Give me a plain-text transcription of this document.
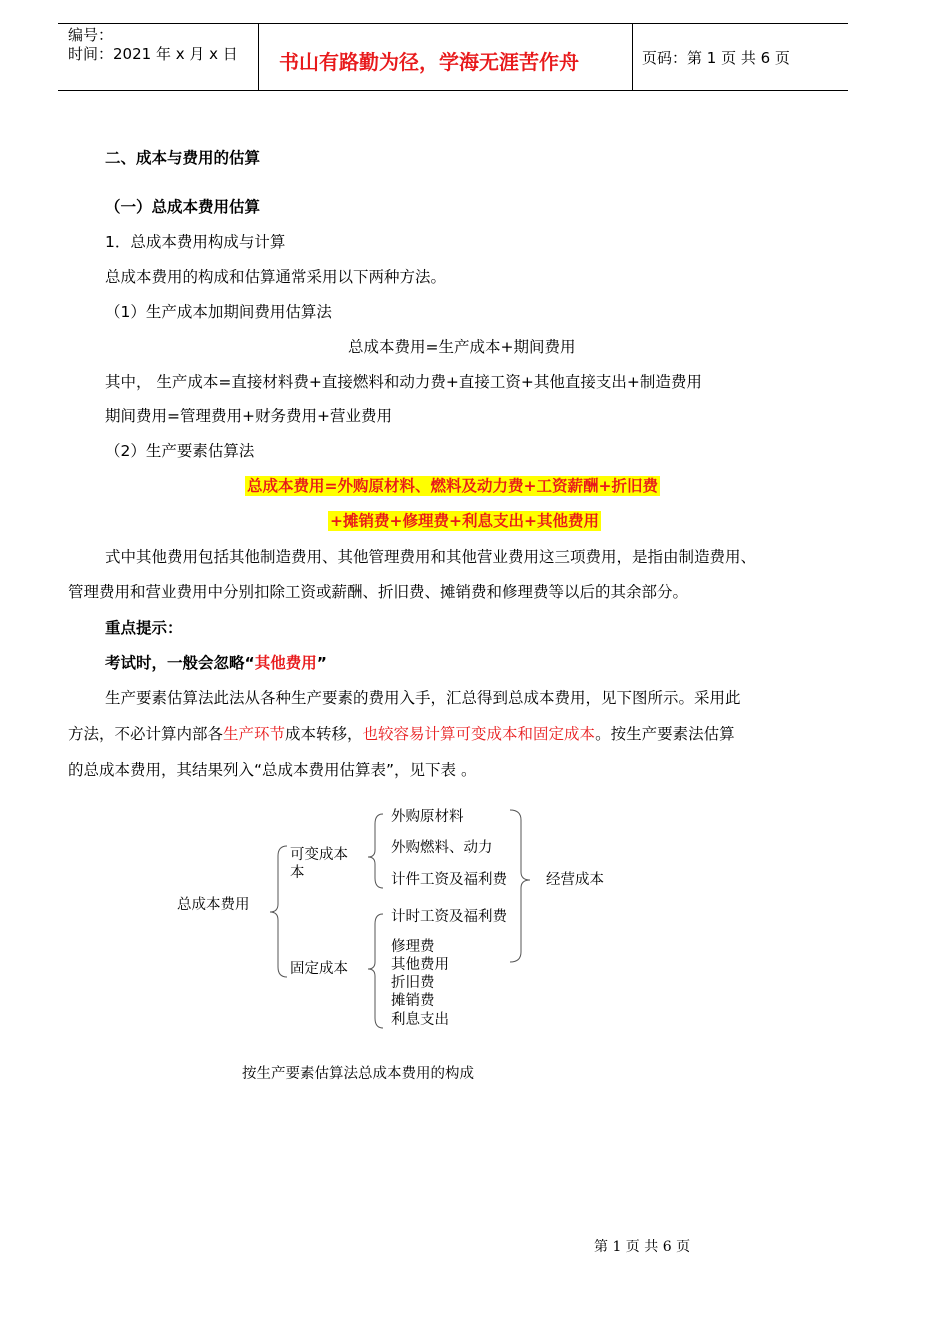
编号：
时间：2021 年 x 月 x 日 书山有路勤为径，学海无涯苦作舟	页码：第 1 页 共 6 页
二、成本与费用的估算
（一）总成本费用估算
1．总成本费用构成与计算
总成本费用的构成和估算通常采用以下两种方法。
（1）生产成本加期间费用估算法
总成本费用=生产成本+期间费用
其中， 生产成本=直接材料费+直接燃料和动力费+直接工资+其他直接支出+制造费用
期间费用=管理费用+财务费用+营业费用
（2）生产要素估算法
总成本费用=外购原材料、燃料及动力费+工资薪酬+折旧费
+摊销费+修理费+利息支出+其他费用
式中其他费用包括其他制造费用、其他管理费用和其他营业费用这三项费用，是指由制造费用、
管理费用和营业费用中分别扣除工资或薪酬、折旧费、摊销费和修理费等以后的其余部分。
重点提示：
考试时，一般会忽略“其他费用”
生产要素估算法此法从各种生产要素的费用入手，汇总得到总成本费用，见下图所示。采用此
方法，不必计算内部各生产环节成本转移，也较容易计算可变成本和固定成本。按生产要素法估算
的总成本费用，其结果列入“总成本费用估算表”，见下表 。
总成本费用
可变成本
本
固定成本
外购原材料
外购燃料、动力
计件工资及福利费
计时工资及福利费
修理费
其他费用
折旧费
摊销费
利息支出
经营成本
按生产要素估算法总成本费用的构成
第 1 页 共 6 页
